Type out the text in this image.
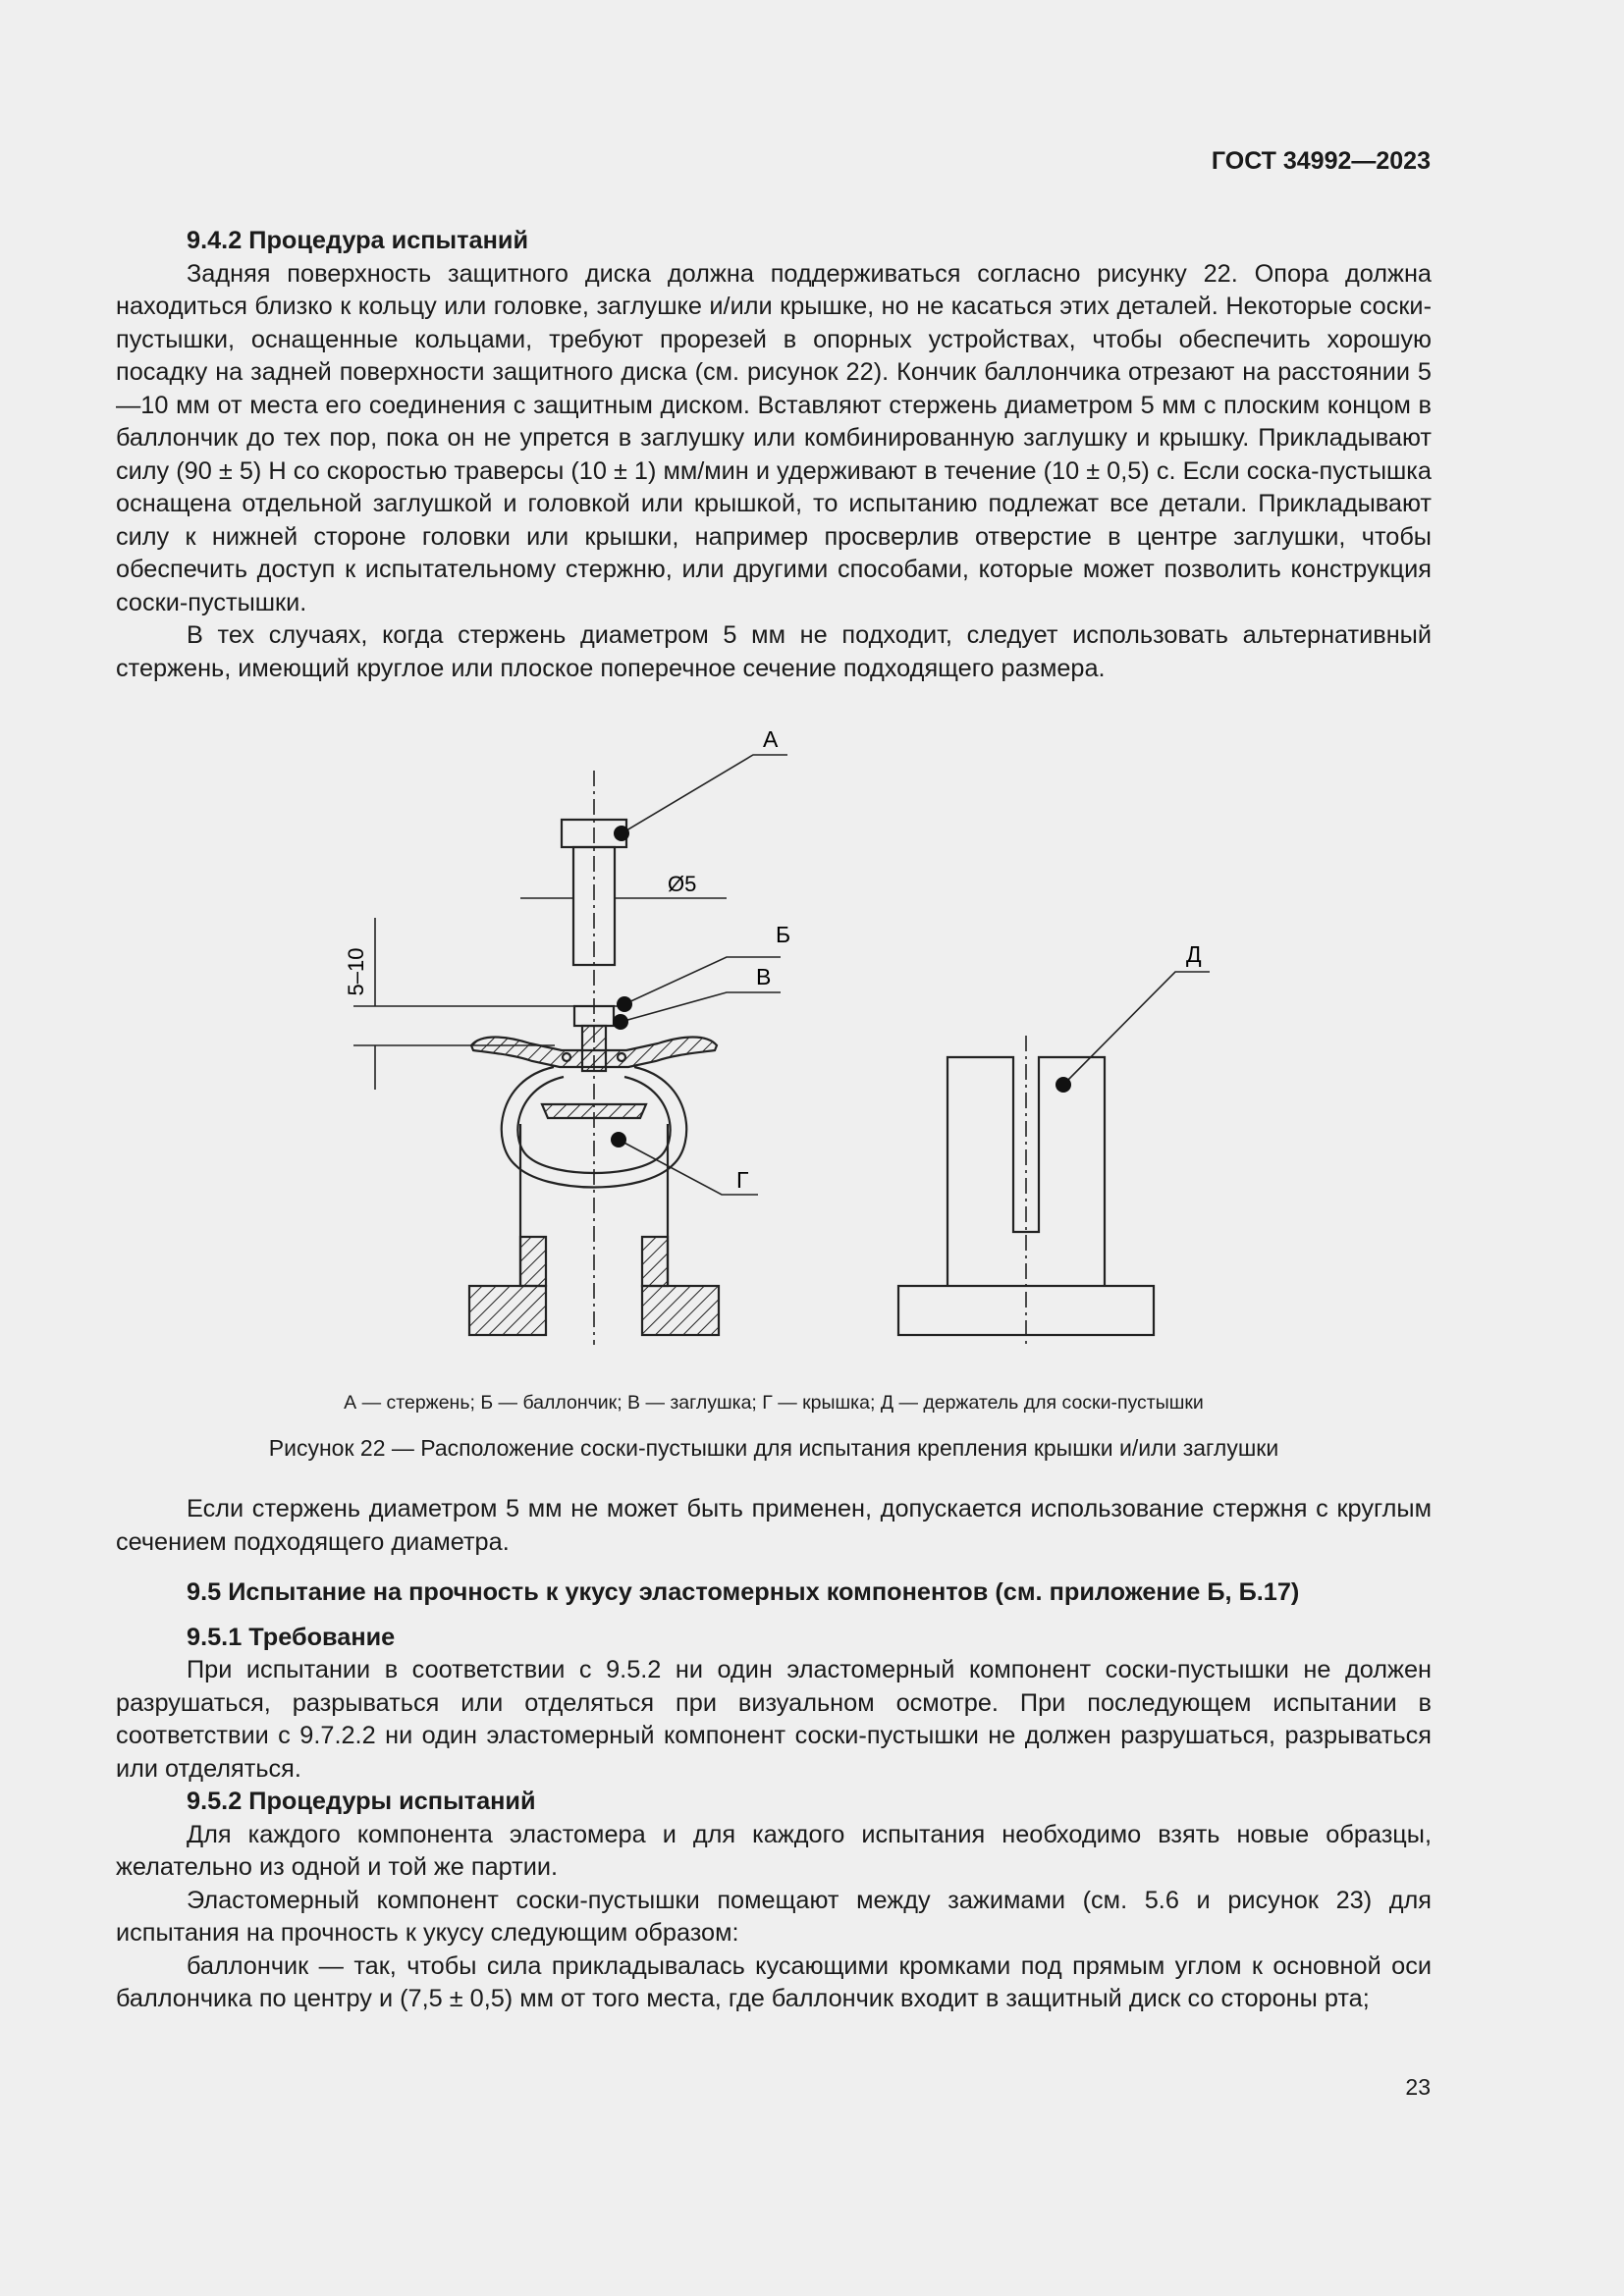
ГОСТ 34992—2023

9.4.2 Процедура испытаний

Задняя поверхность защитного диска должна поддерживаться согласно рисунку 22. Опора должна находиться близко к кольцу или головке, заглушке и/или крышке, но не касаться этих деталей. Некоторые соски-пустышки, оснащенные кольцами, требуют прорезей в опорных устройствах, чтобы обеспечить хорошую посадку на задней поверхности защитного диска (см. рисунок 22). Кончик баллончика отрезают на расстоянии 5—10 мм от места его соединения с защитным диском. Вставляют стержень диаметром 5 мм с плоским концом в баллончик до тех пор, пока он не упрется в заглушку или комбинированную заглушку и крышку. Прикладывают силу (90 ± 5) Н со скоростью траверсы (10 ± 1) мм/мин и удерживают в течение (10 ± 0,5) с. Если соска-пустышка оснащена отдельной заглушкой и головкой или крышкой, то испытанию подлежат все детали. Прикладывают силу к нижней стороне головки или крышки, например просверлив отверстие в центре заглушки, чтобы обеспечить доступ к испытательному стержню, или другими способами, которые может позволить конструкция соски-пустышки.

В тех случаях, когда стержень диаметром 5 мм не подходит, следует использовать альтернативный стержень, имеющий круглое или плоское поперечное сечение подходящего размера.

Ø5
5–10
А
Б
В
Г
Д
А — стержень; Б — баллончик; В — заглушка; Г — крышка; Д — держатель для соски-пустышки
Рисунок 22 — Расположение соски-пустышки для испытания крепления крышки и/или заглушки

Если стержень диаметром 5 мм не может быть применен, допускается использование стержня с круглым сечением подходящего диаметра.

9.5 Испытание на прочность к укусу эластомерных компонентов (см. приложение Б, Б.17)

9.5.1 Требование

При испытании в соответствии с 9.5.2 ни один эластомерный компонент соски-пустышки не должен разрушаться, разрываться или отделяться при визуальном осмотре. При последующем испытании в соответствии с 9.7.2.2 ни один эластомерный компонент соски-пустышки не должен разрушаться, разрываться или отделяться.

9.5.2 Процедуры испытаний

Для каждого компонента эластомера и для каждого испытания необходимо взять новые образцы, желательно из одной и той же партии.

Эластомерный компонент соски-пустышки помещают между зажимами (см. 5.6 и рисунок 23) для испытания на прочность к укусу следующим образом:

баллончик — так, чтобы сила прикладывалась кусающими кромками под прямым углом к основной оси баллончика по центру и (7,5 ± 0,5) мм от того места, где баллончик входит в защитный диск со стороны рта;

23
